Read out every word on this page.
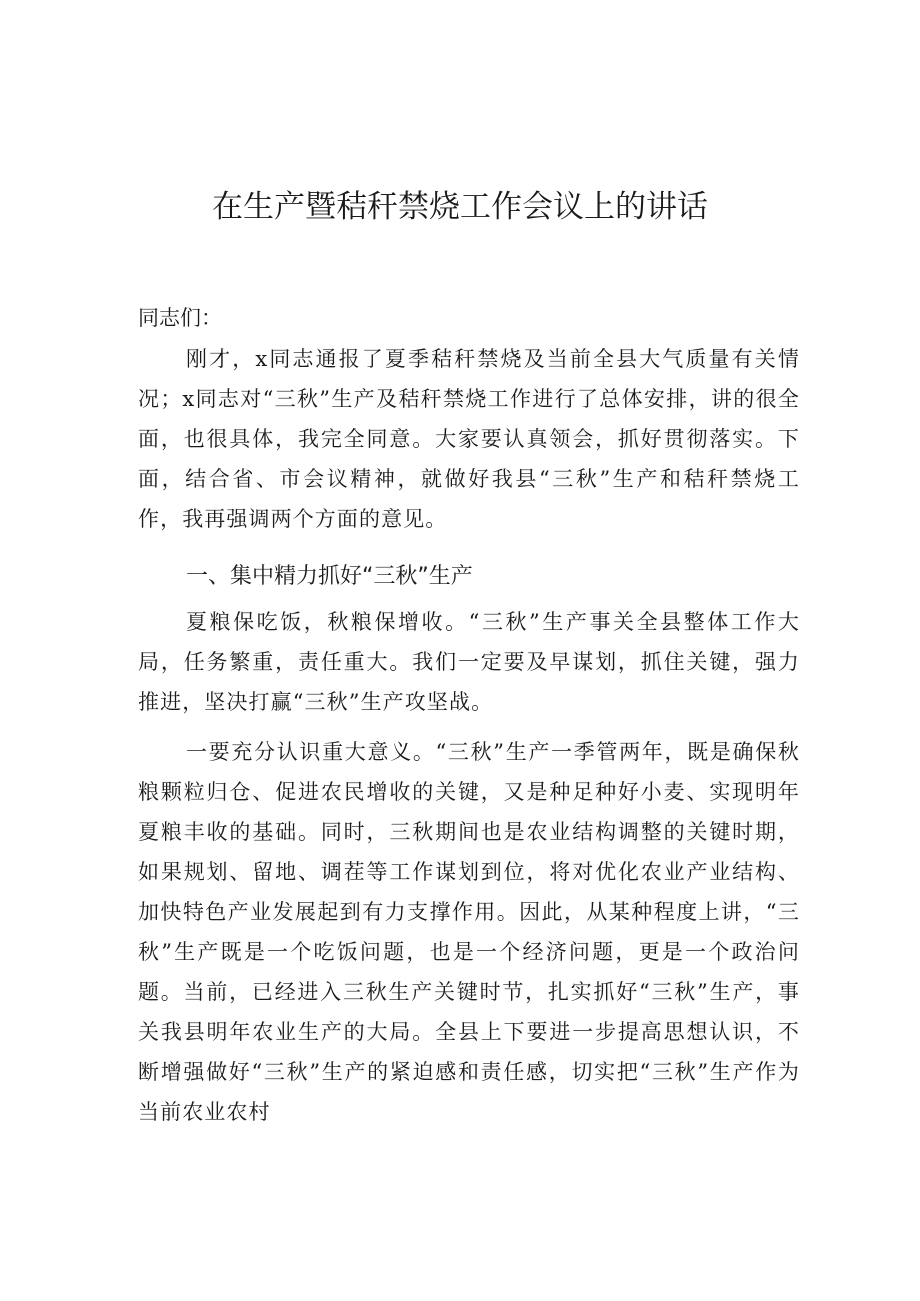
在生产暨秸秆禁烧工作会议上的讲话
同志们：

刚才，x同志通报了夏季秸秆禁烧及当前全县大气质量有关情况；x同志对“三秋”生产及秸秆禁烧工作进行了总体安排，讲的很全面，也很具体，我完全同意。大家要认真领会，抓好贯彻落实。下面，结合省、市会议精神，就做好我县“三秋”生产和秸秆禁烧工作，我再强调两个方面的意见。

一、集中精力抓好“三秋”生产

夏粮保吃饭，秋粮保增收。“三秋”生产事关全县整体工作大局，任务繁重，责任重大。我们一定要及早谋划，抓住关键，强力推进，坚决打赢“三秋”生产攻坚战。

一要充分认识重大意义。“三秋”生产一季管两年，既是确保秋粮颗粒归仓、促进农民增收的关键，又是种足种好小麦、实现明年夏粮丰收的基础。同时，三秋期间也是农业结构调整的关键时期，如果规划、留地、调茬等工作谋划到位，将对优化农业产业结构、加快特色产业发展起到有力支撑作用。因此，从某种程度上讲，“三秋”生产既是一个吃饭问题，也是一个经济问题，更是一个政治问题。当前，已经进入三秋生产关键时节，扎实抓好“三秋”生产，事关我县明年农业生产的大局。全县上下要进一步提高思想认识，不断增强做好“三秋”生产的紧迫感和责任感，切实把“三秋”生产作为当前农业农村
